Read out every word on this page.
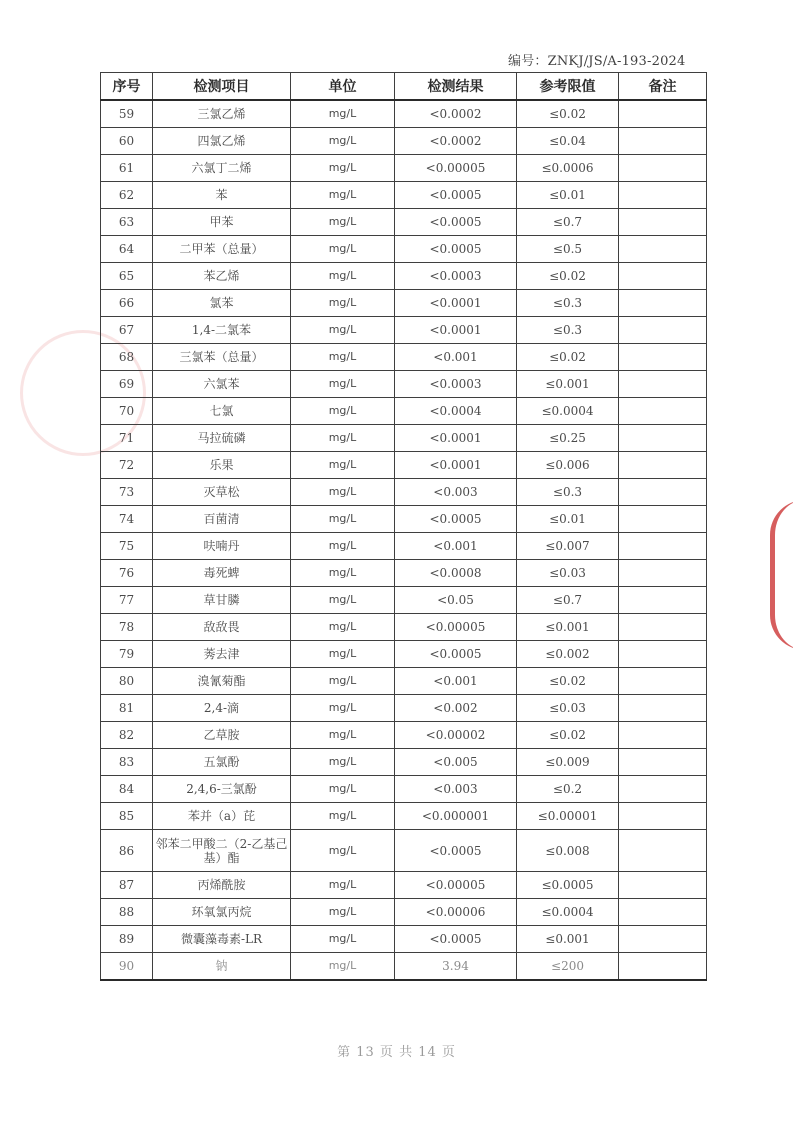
编号：ZNKJ/JS/A-193-2024
序号	检测项目	单位	检测结果	参考限值	备注
59	三氯乙烯	mg/L	<0.0002	≤0.02	
60	四氯乙烯	mg/L	<0.0002	≤0.04	
61	六氯丁二烯	mg/L	<0.00005	≤0.0006	
62	苯	mg/L	<0.0005	≤0.01	
63	甲苯	mg/L	<0.0005	≤0.7	
64	二甲苯（总量）	mg/L	<0.0005	≤0.5	
65	苯乙烯	mg/L	<0.0003	≤0.02	
66	氯苯	mg/L	<0.0001	≤0.3	
67	1,4-二氯苯	mg/L	<0.0001	≤0.3	
68	三氯苯（总量）	mg/L	<0.001	≤0.02	
69	六氯苯	mg/L	<0.0003	≤0.001	
70	七氯	mg/L	<0.0004	≤0.0004	
71	马拉硫磷	mg/L	<0.0001	≤0.25	
72	乐果	mg/L	<0.0001	≤0.006	
73	灭草松	mg/L	<0.003	≤0.3	
74	百菌清	mg/L	<0.0005	≤0.01	
75	呋喃丹	mg/L	<0.001	≤0.007	
76	毒死蜱	mg/L	<0.0008	≤0.03	
77	草甘膦	mg/L	<0.05	≤0.7	
78	敌敌畏	mg/L	<0.00005	≤0.001	
79	莠去津	mg/L	<0.0005	≤0.002	
80	溴氰菊酯	mg/L	<0.001	≤0.02	
81	2,4-滴	mg/L	<0.002	≤0.03	
82	乙草胺	mg/L	<0.00002	≤0.02	
83	五氯酚	mg/L	<0.005	≤0.009	
84	2,4,6-三氯酚	mg/L	<0.003	≤0.2	
85	苯并（a）芘	mg/L	<0.000001	≤0.00001	
86	邻苯二甲酸二（2-乙基己基）酯	mg/L	<0.0005	≤0.008	
87	丙烯酰胺	mg/L	<0.00005	≤0.0005	
88	环氧氯丙烷	mg/L	<0.00006	≤0.0004	
89	微囊藻毒素-LR	mg/L	<0.0005	≤0.001	
90	钠	mg/L	3.94	≤200	
第 13 页 共 14 页
